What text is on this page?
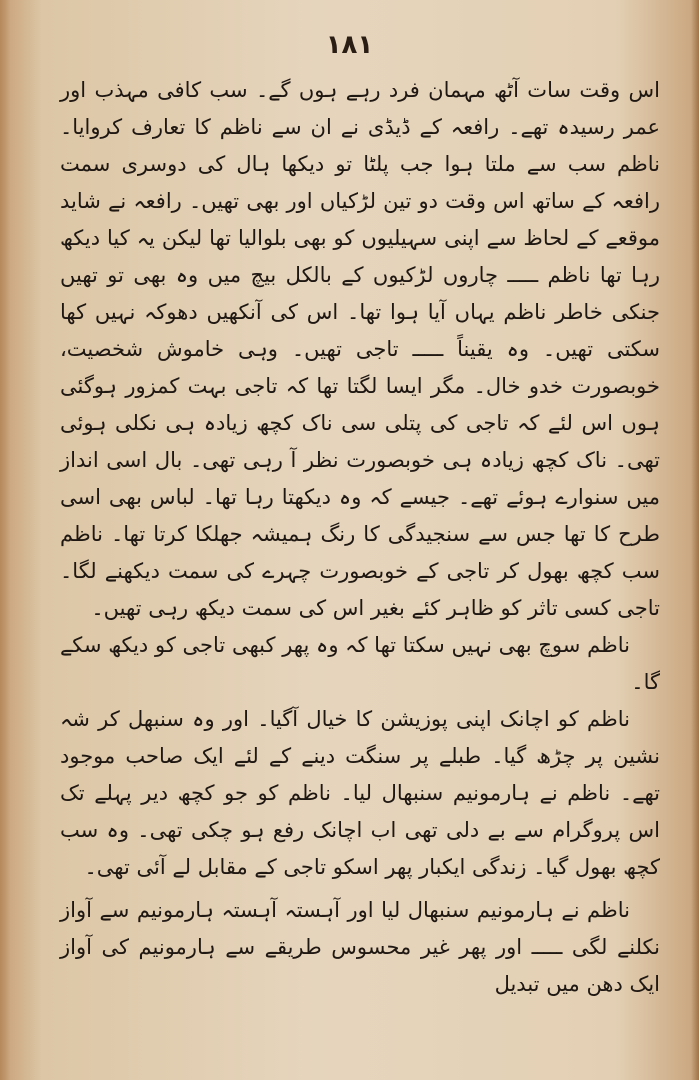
۱۸۱

اس وقت سات آٹھ مہمان فرد رہے ہوں گے۔ سب کافی مہذب اور عمر رسیدہ تھے۔ رافعہ کے ڈیڈی نے ان سے ناظم کا تعارف کروایا۔ ناظم سب سے ملتا ہوا جب پلٹا تو دیکھا ہال کی دوسری سمت رافعہ کے ساتھ اس وقت دو تین لڑکیاں اور بھی تھیں۔ رافعہ نے شاید موقعے کے لحاظ سے اپنی سہیلیوں کو بھی بلوالیا تھا لیکن یہ کیا دیکھ رہا تھا ناظم ـــــ چاروں لڑکیوں کے بالکل بیچ میں وہ بھی تو تھیں جنکی خاطر ناظم یہاں آیا ہوا تھا۔ اس کی آنکھیں دھوکہ نہیں کھا سکتی تھیں۔ وہ یقیناً ـــــ تاجی تھیں۔ وہی خاموش شخصیت، خوبصورت خدو خال۔ مگر ایسا لگتا تھا کہ تاجی بہت کمزور ہوگئی ہوں اس لئے کہ تاجی کی پتلی سی ناک کچھ زیادہ ہی نکلی ہوئی تھی۔ ناک کچھ زیادہ ہی خوبصورت نظر آ رہی تھی۔ بال اسی انداز میں سنوارے ہوئے تھے۔ جیسے کہ وہ دیکھتا رہا تھا۔ لباس بھی اسی طرح کا تھا جس سے سنجیدگی کا رنگ ہمیشہ جھلکا کرتا تھا۔ ناظم سب کچھ بھول کر تاجی کے خوبصورت چہرے کی سمت دیکھنے لگا۔ تاجی کسی تاثر کو ظاہر کئے بغیر اس کی سمت دیکھ رہی تھیں۔

ناظم سوچ بھی نہیں سکتا تھا کہ وہ پھر کبھی تاجی کو دیکھ سکے گا۔

ناظم کو اچانک اپنی پوزیشن کا خیال آگیا۔ اور وہ سنبھل کر شہ نشین پر چڑھ گیا۔ طبلے پر سنگت دینے کے لئے ایک صاحب موجود تھے۔ ناظم نے ہارمونیم سنبھال لیا۔ ناظم کو جو کچھ دیر پہلے تک اس پروگرام سے بے دلی تھی اب اچانک رفع ہو چکی تھی۔ وہ سب کچھ بھول گیا۔ زندگی ایکبار پھر اسکو تاجی کے مقابل لے آئی تھی۔

ناظم نے ہارمونیم سنبھال لیا اور آہستہ آہستہ ہارمونیم سے آواز نکلنے لگی ـــــ اور پھر غیر محسوس طریقے سے ہارمونیم کی آواز ایک دھن میں تبدیل
